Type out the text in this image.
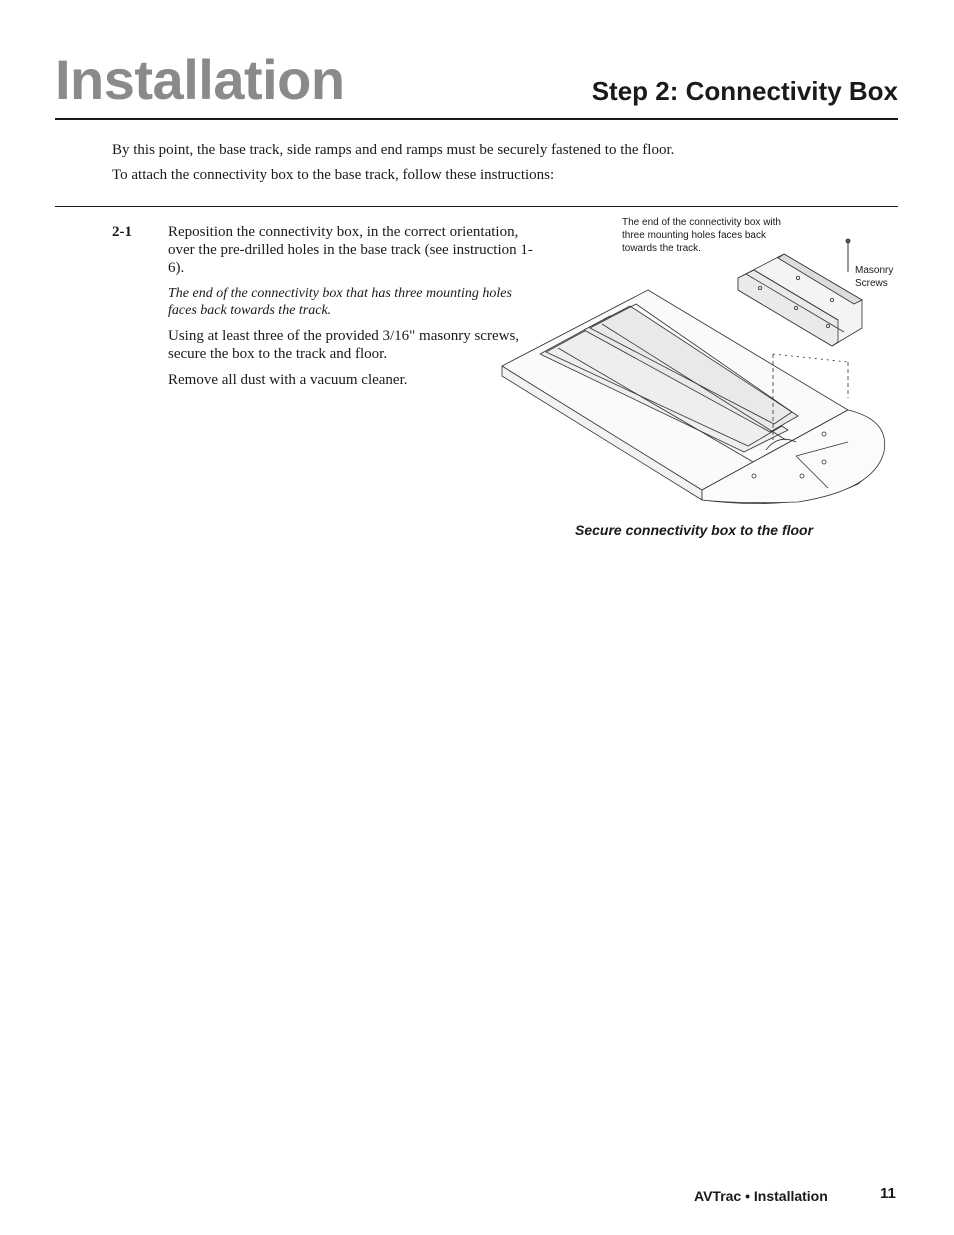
Installation	Step 2: Connectivity Box

By this point, the base track, side ramps and end ramps must be securely fastened to the floor.

To attach the connectivity box to the base track, follow these instructions:

2-1 Reposition the connectivity box, in the correct orientation, over the pre-drilled holes in the base track (see instruction 1-6).

The end of the connectivity box that has three mounting holes faces back towards the track.

Using at least three of the provided 3/16" masonry screws, secure the box to the track and floor.

Remove all dust with a vacuum cleaner.

The end of the connectivity box with three mounting holes faces back towards the track.

Masonry Screws

Secure connectivity box to the floor

AVTrac • Installation	11
